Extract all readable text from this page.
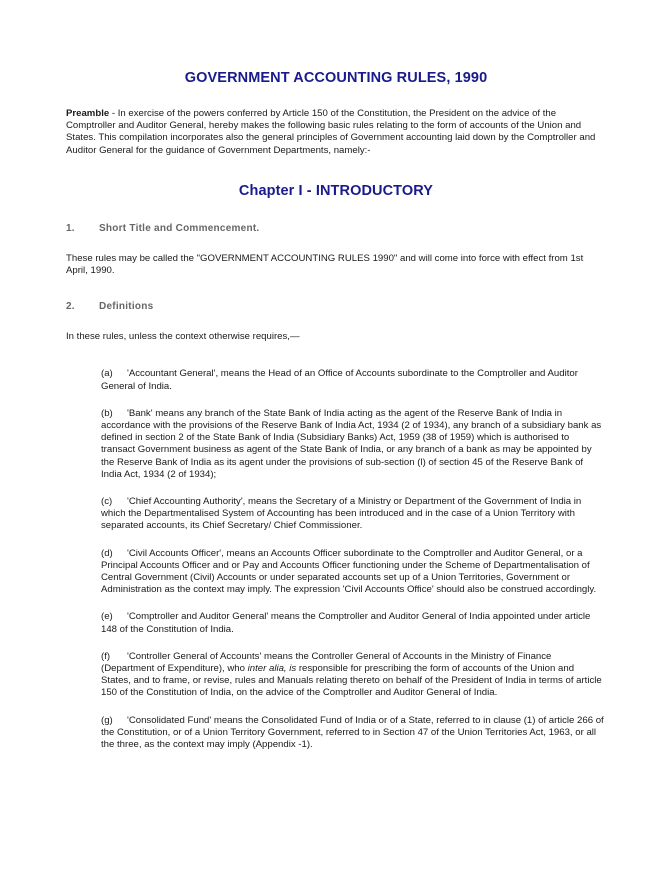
GOVERNMENT ACCOUNTING RULES, 1990

Preamble - In exercise of the powers conferred by Article 150 of the Constitution, the President on the advice of the Comptroller and Auditor General, hereby makes the following basic rules relating to the form of accounts of the Union and States. This compilation incorporates also the general principles of Government accounting laid down by the Comptroller and Auditor General for the guidance of Government Departments, namely:-

Chapter I - INTRODUCTORY
1. Short Title and Commencement.

These rules may be called the "GOVERNMENT ACCOUNTING RULES 1990" and will come into force with effect from 1st April, 1990.

2. Definitions

In these rules, unless the context otherwise requires,—

(a) 'Accountant General', means the Head of an Office of Accounts subordinate to the Comptroller and Auditor General of India.

(b) 'Bank' means any branch of the State Bank of India acting as the agent of the Reserve Bank of India in accordance with the provisions of the Reserve Bank of India Act, 1934 (2 of 1934), any branch of a subsidiary bank as defined in section 2 of the State Bank of India (Subsidiary Banks) Act, 1959 (38 of 1959) which is authorised to transact Government business as agent of the State Bank of India, or any branch of a bank as may be appointed by the Reserve Bank of India as its agent under the provisions of sub-section (l) of section 45 of the Reserve Bank of India Act, 1934 (2 of 1934);

(c) 'Chief Accounting Authority', means the Secretary of a Ministry or Department of the Government of India in which the Departmentalised System of Accounting has been introduced and in the case of a Union Territory with separated accounts, its Chief Secretary/ Chief Commissioner.

(d) 'Civil Accounts Officer', means an Accounts Officer subordinate to the Comptroller and Auditor General, or a Principal Accounts Officer and or Pay and Accounts Officer functioning under the Scheme of Departmentalisation of Central Government (Civil) Accounts or under separated accounts set up of a Union Territories, Government or Administration as the context may imply. The expression 'Civil Accounts Office' should also be construed accordingly.

(e) 'Comptroller and Auditor General' means the Comptroller and Auditor General of India appointed under article 148 of the Constitution of India.

(f) 'Controller General of Accounts' means the Controller General of Accounts in the Ministry of Finance (Department of Expenditure), who inter alia, is responsible for prescribing the form of accounts of the Union and States, and to frame, or revise, rules and Manuals relating thereto on behalf of the President of India in terms of article 150 of the Constitution of India, on the advice of the Comptroller and Auditor General of India.

(g) 'Consolidated Fund' means the Consolidated Fund of India or of a State, referred to in clause (1) of article 266 of the Constitution, or of a Union Territory Government, referred to in Section 47 of the Union Territories Act, 1963, or all the three, as the context may imply (Appendix -1).
